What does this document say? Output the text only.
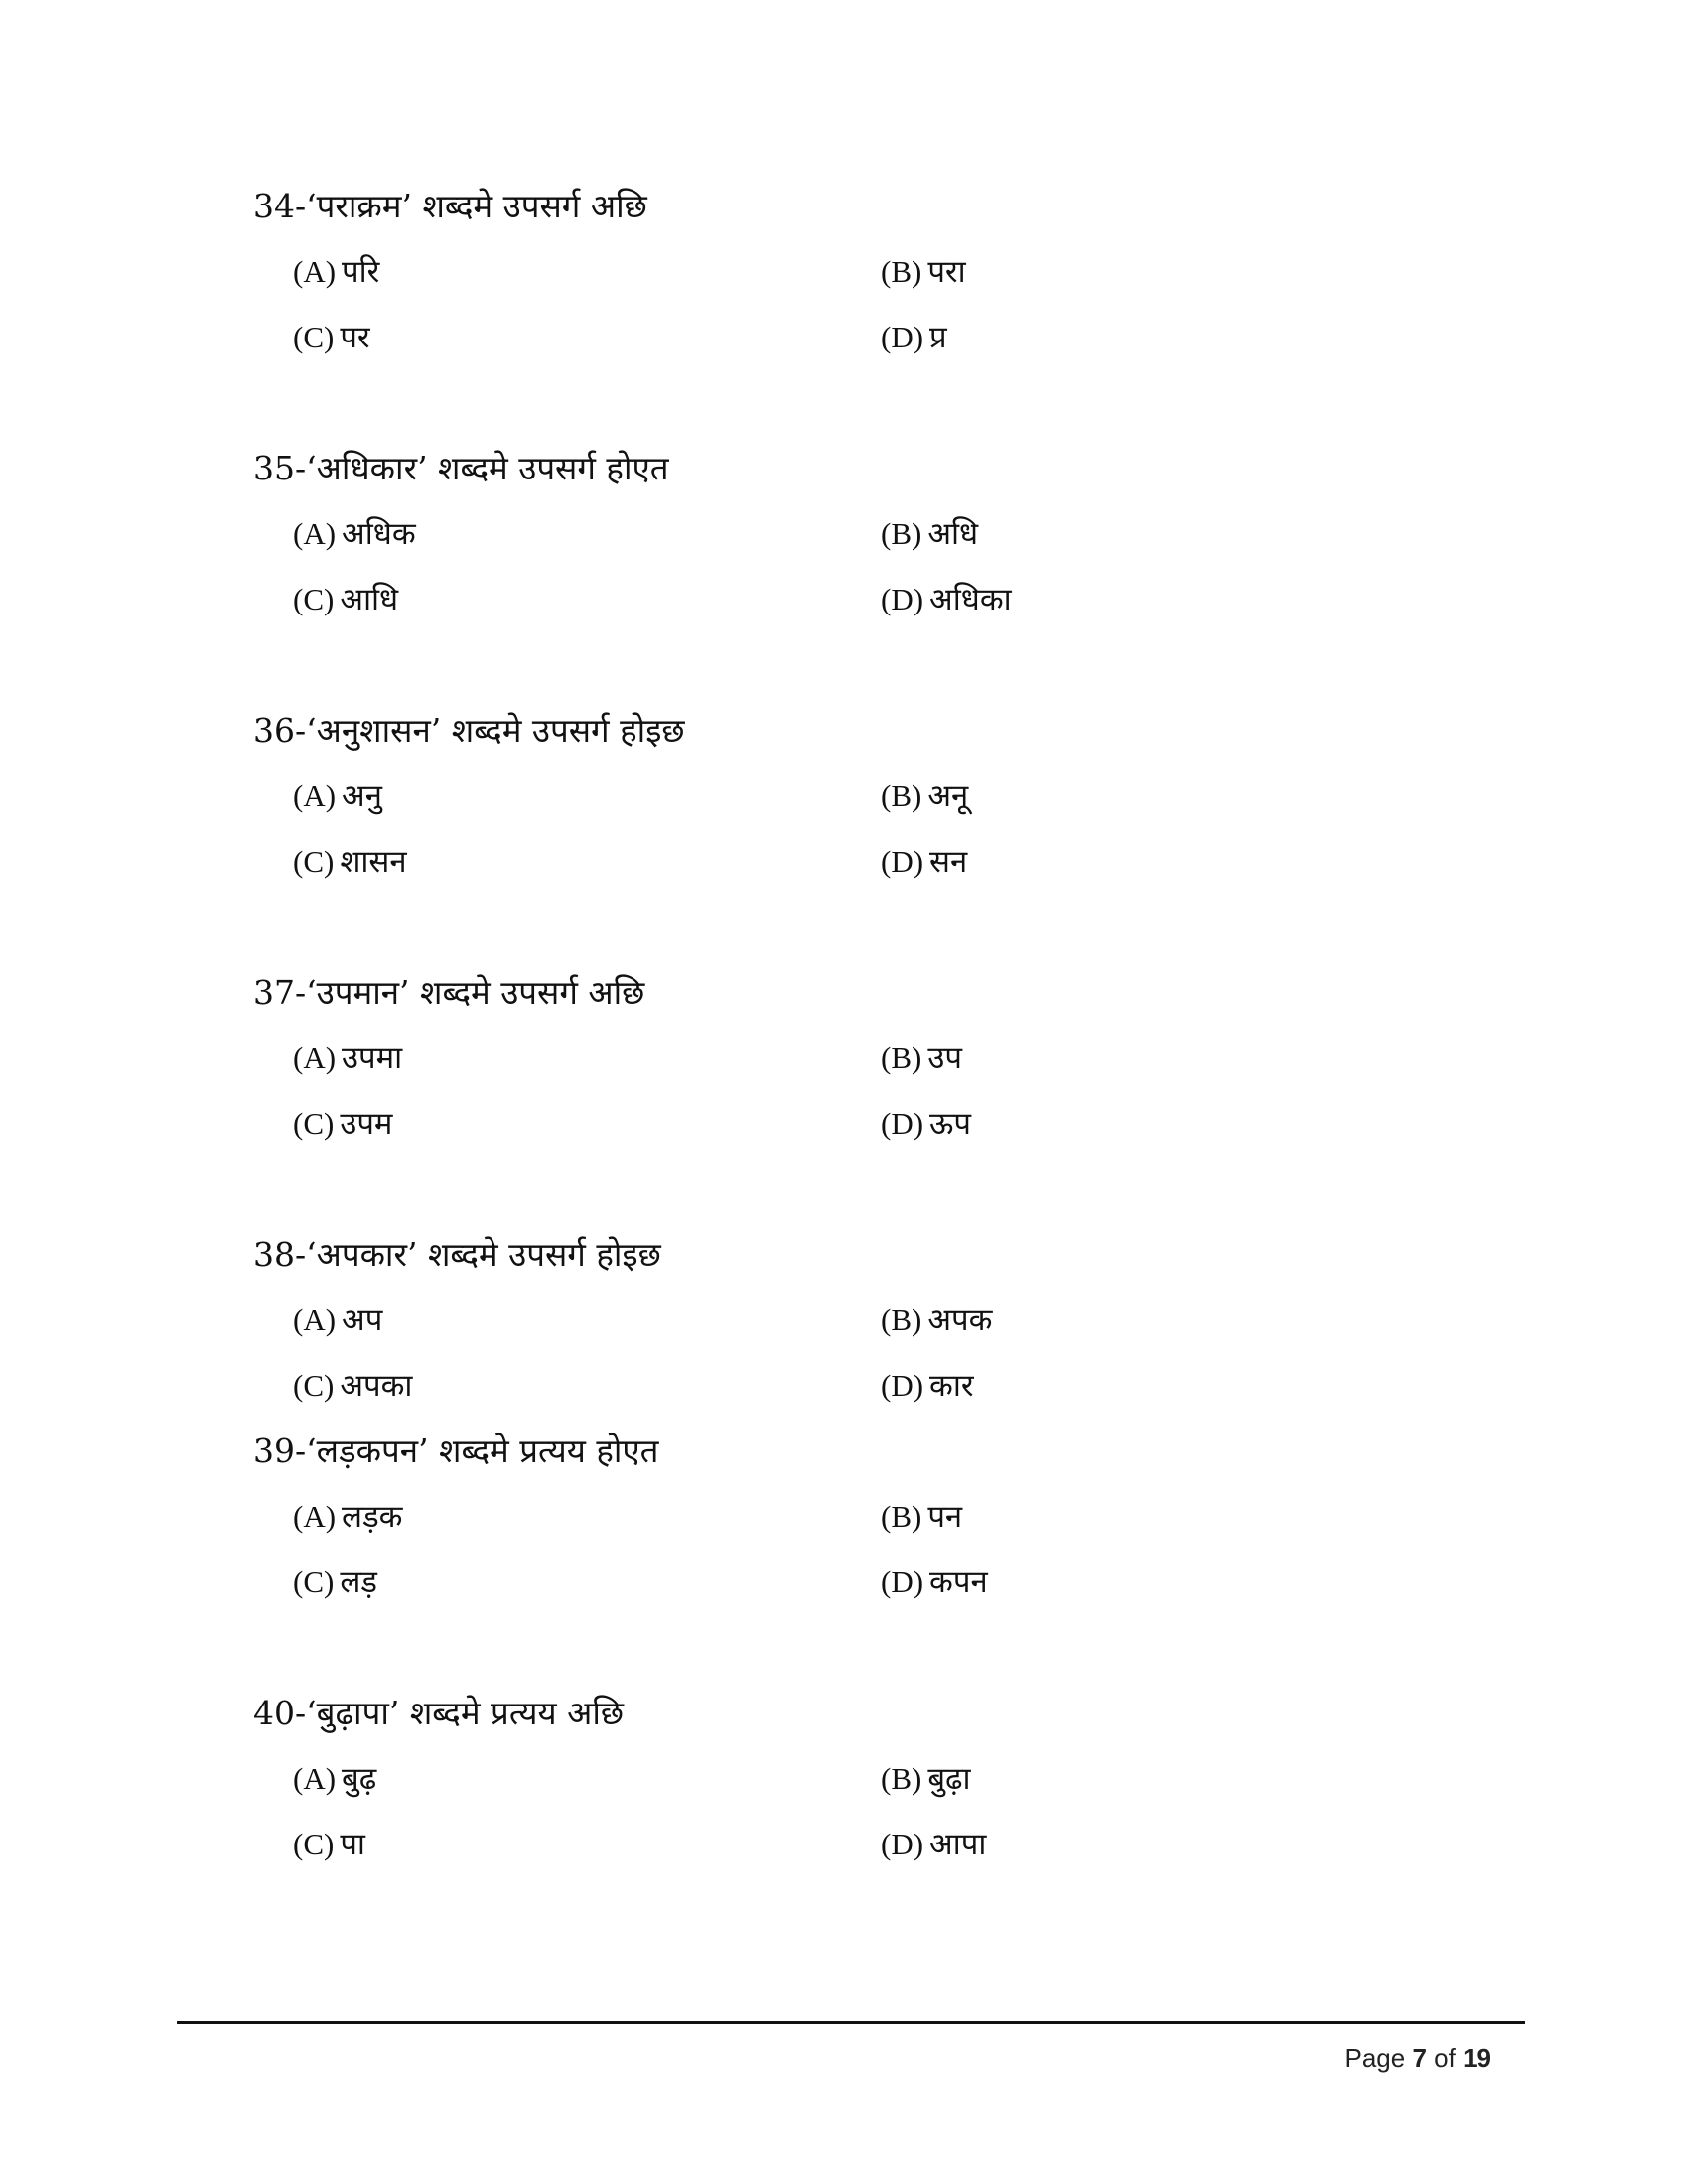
34-‘पराक्रम’ शब्दमे उपसर्ग अछि
(A) परि	(B) परा
(C) पर	(D) प्र
35-‘अधिकार’ शब्दमे उपसर्ग होएत
(A) अधिक	(B) अधि
(C) आधि	(D) अधिका
36-‘अनुशासन’ शब्दमे उपसर्ग होइछ
(A) अनु	(B) अनू
(C) शासन	(D) सन
37-‘उपमान’ शब्दमे उपसर्ग अछि
(A) उपमा	(B) उप
(C) उपम	(D) ऊप
38-‘अपकार’ शब्दमे उपसर्ग होइछ
(A) अप	(B) अपक
(C) अपका	(D) कार
39-‘लड़कपन’ शब्दमे प्रत्यय होएत
(A) लड़क	(B) पन
(C) लड़	(D) कपन
40-‘बुढ़ापा’ शब्दमे प्रत्यय अछि
(A) बुढ़	(B) बुढ़ा
(C) पा	(D) आपा
Page 7 of 19
